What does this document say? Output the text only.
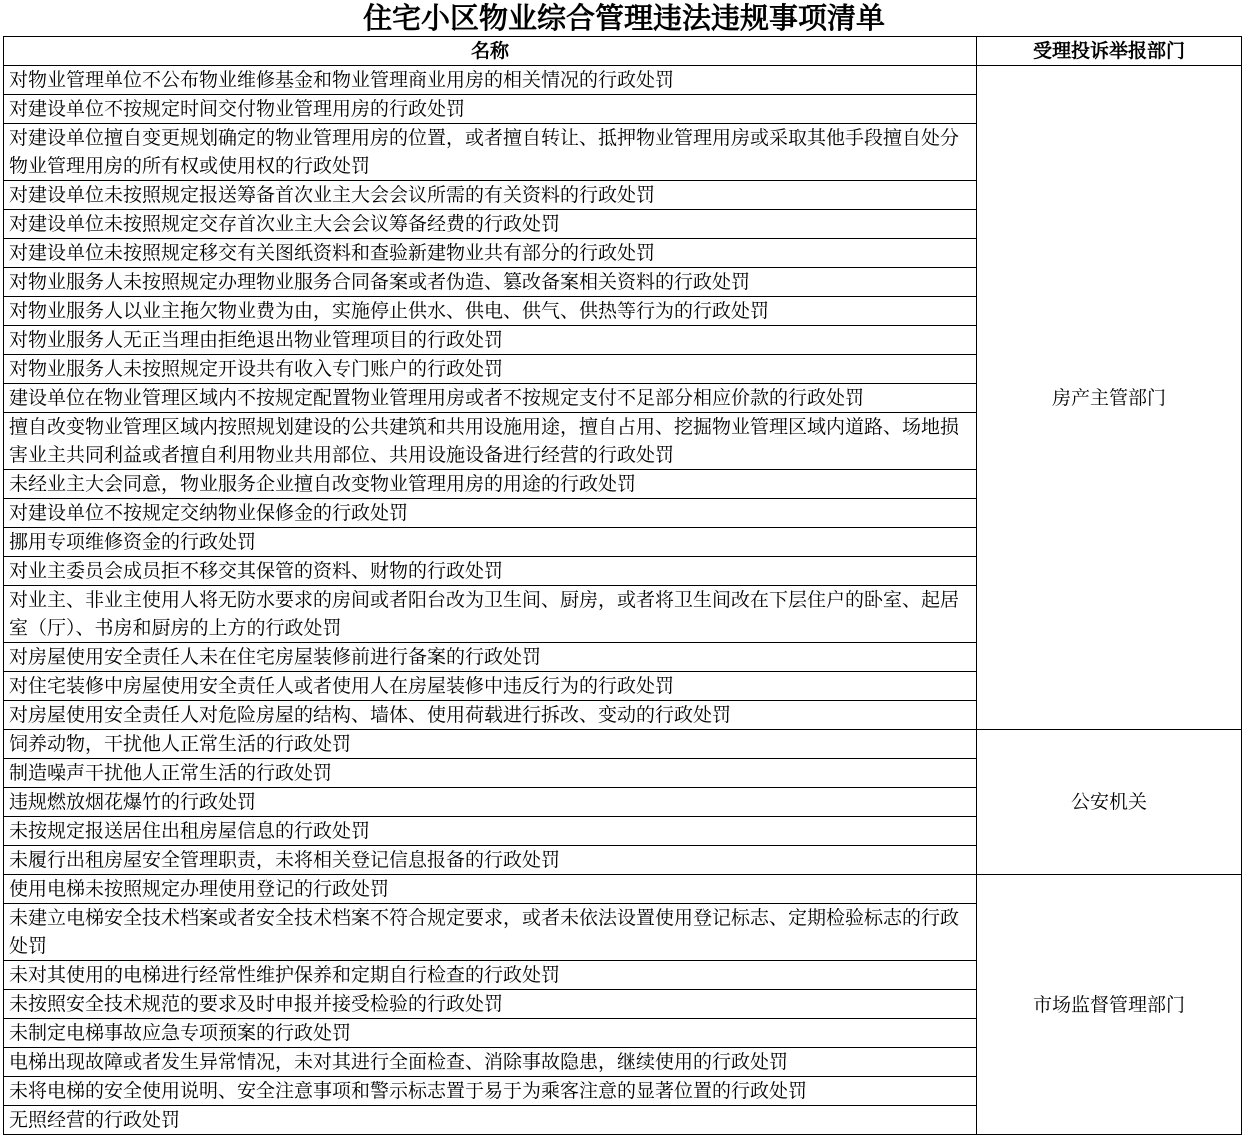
住宅小区物业综合管理违法违规事项清单
名称	受理投诉举报部门
对物业管理单位不公布物业维修基金和物业管理商业用房的相关情况的行政处罚	房产主管部门
对建设单位不按规定时间交付物业管理用房的行政处罚	
对建设单位擅自变更规划确定的物业管理用房的位置，或者擅自转让、抵押物业管理用房或采取其他手段擅自处分物业管理用房的所有权或使用权的行政处罚	
对建设单位未按照规定报送筹备首次业主大会会议所需的有关资料的行政处罚	
对建设单位未按照规定交存首次业主大会会议筹备经费的行政处罚	
对建设单位未按照规定移交有关图纸资料和查验新建物业共有部分的行政处罚	
对物业服务人未按照规定办理物业服务合同备案或者伪造、篡改备案相关资料的行政处罚	
对物业服务人以业主拖欠物业费为由，实施停止供水、供电、供气、供热等行为的行政处罚	
对物业服务人无正当理由拒绝退出物业管理项目的行政处罚	
对物业服务人未按照规定开设共有收入专门账户的行政处罚	
建设单位在物业管理区域内不按规定配置物业管理用房或者不按规定支付不足部分相应价款的行政处罚	
擅自改变物业管理区域内按照规划建设的公共建筑和共用设施用途，擅自占用、挖掘物业管理区域内道路、场地损害业主共同利益或者擅自利用物业共用部位、共用设施设备进行经营的行政处罚	
未经业主大会同意，物业服务企业擅自改变物业管理用房的用途的行政处罚	
对建设单位不按规定交纳物业保修金的行政处罚	
挪用专项维修资金的行政处罚	
对业主委员会成员拒不移交其保管的资料、财物的行政处罚	
对业主、非业主使用人将无防水要求的房间或者阳台改为卫生间、厨房，或者将卫生间改在下层住户的卧室、起居室（厅）、书房和厨房的上方的行政处罚	
对房屋使用安全责任人未在住宅房屋装修前进行备案的行政处罚	
对住宅装修中房屋使用安全责任人或者使用人在房屋装修中违反行为的行政处罚	
对房屋使用安全责任人对危险房屋的结构、墙体、使用荷载进行拆改、变动的行政处罚	
饲养动物，干扰他人正常生活的行政处罚	公安机关
制造噪声干扰他人正常生活的行政处罚	
违规燃放烟花爆竹的行政处罚	
未按规定报送居住出租房屋信息的行政处罚	
未履行出租房屋安全管理职责，未将相关登记信息报备的行政处罚	
使用电梯未按照规定办理使用登记的行政处罚	市场监督管理部门
未建立电梯安全技术档案或者安全技术档案不符合规定要求，或者未依法设置使用登记标志、定期检验标志的行政处罚	
未对其使用的电梯进行经常性维护保养和定期自行检查的行政处罚	
未按照安全技术规范的要求及时申报并接受检验的行政处罚	
未制定电梯事故应急专项预案的行政处罚	
电梯出现故障或者发生异常情况，未对其进行全面检查、消除事故隐患，继续使用的行政处罚	
未将电梯的安全使用说明、安全注意事项和警示标志置于易于为乘客注意的显著位置的行政处罚	
无照经营的行政处罚	
